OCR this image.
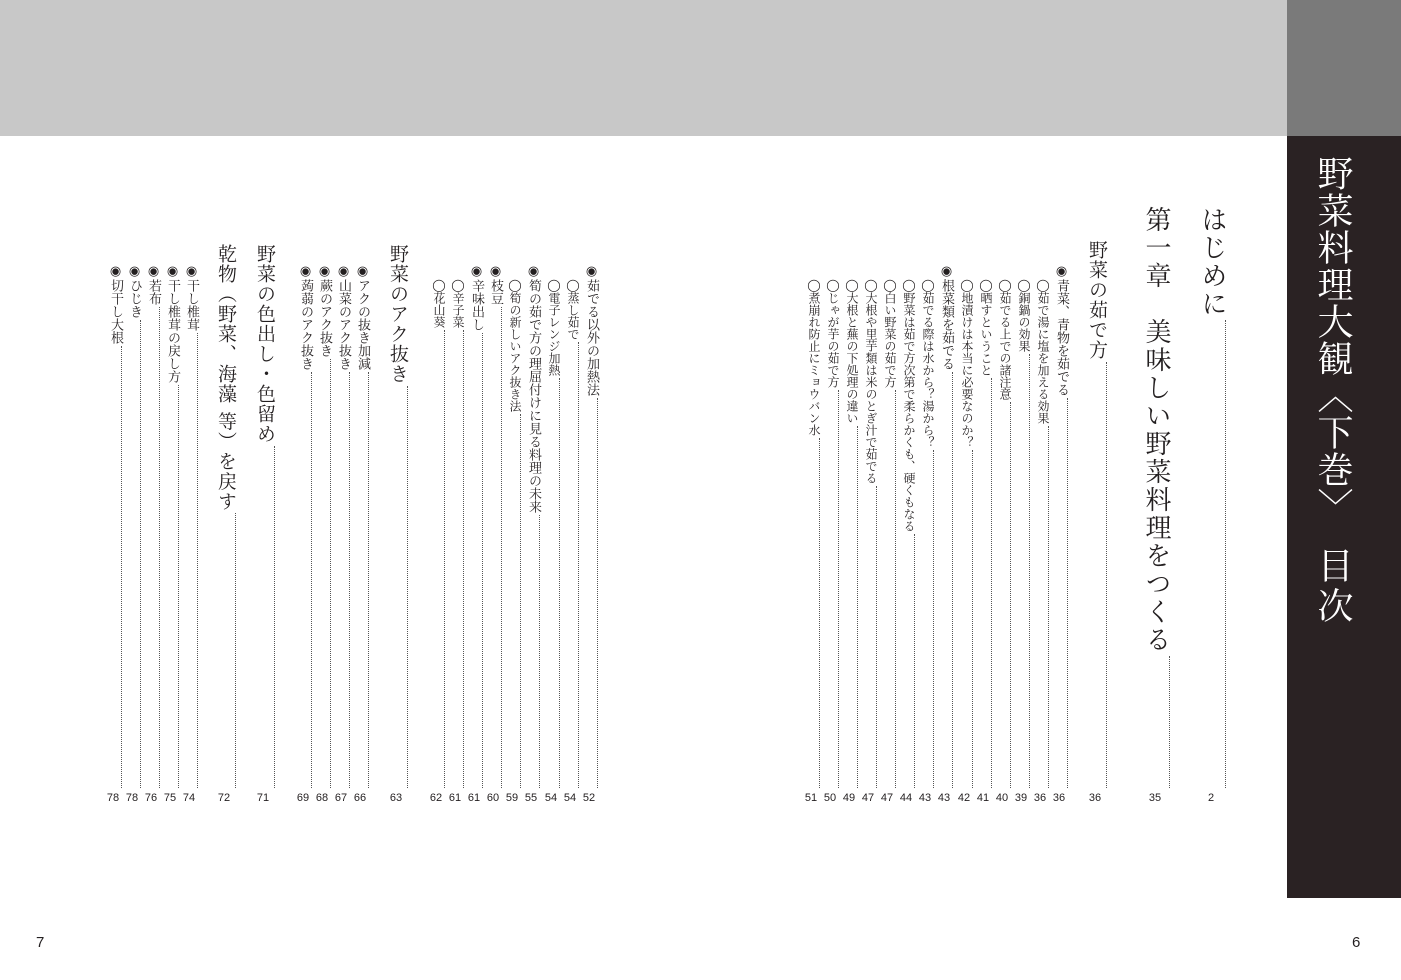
野菜料理大観〈下巻〉目次
はじめに
2
第一章　美味しい野菜料理をつくる
35
野菜の茹で方
36
◉青菜、青物を茹でる
36
◯茹で湯に塩を加える効果
36
◯銅鍋の効果
39
◯茹でる上での諸注意
40
◯晒すということ
41
◯地漬けは本当に必要なのか？
42
◉根菜類を茹でる
43
◯茹でる際は水から？湯から？
43
◯野菜は茹で方次第で柔らかくも、硬くもなる
44
◯白い野菜の茹で方
47
◯大根や里芋類は米のとぎ汁で茹でる
47
◯大根と蕪の下処理の違い
49
◯じゃが芋の茹で方
50
◯煮崩れ防止にミョウバン水
51
◉茹でる以外の加熱法
52
◯蒸し茹で
54
◯電子レンジ加熱
54
◉筍の茹で方の理屈付けに見る料理の未来
55
◯筍の新しいアク抜き法
59
◉枝豆
60
◉辛味出し
61
◯辛子菜
61
◯花山葵
62
野菜のアク抜き
63
◉アクの抜き加減
66
◉山菜のアク抜き
67
◉蕨のアク抜き
68
◉蒟蒻のアク抜き
69
野菜の色出し・色留め
71
乾物（野菜、海藻 等）を戻す
72
◉干し椎茸
74
◉干し椎茸の戻し方
75
◉若布
76
◉ひじき
78
◉切干し大根
78
7	6
